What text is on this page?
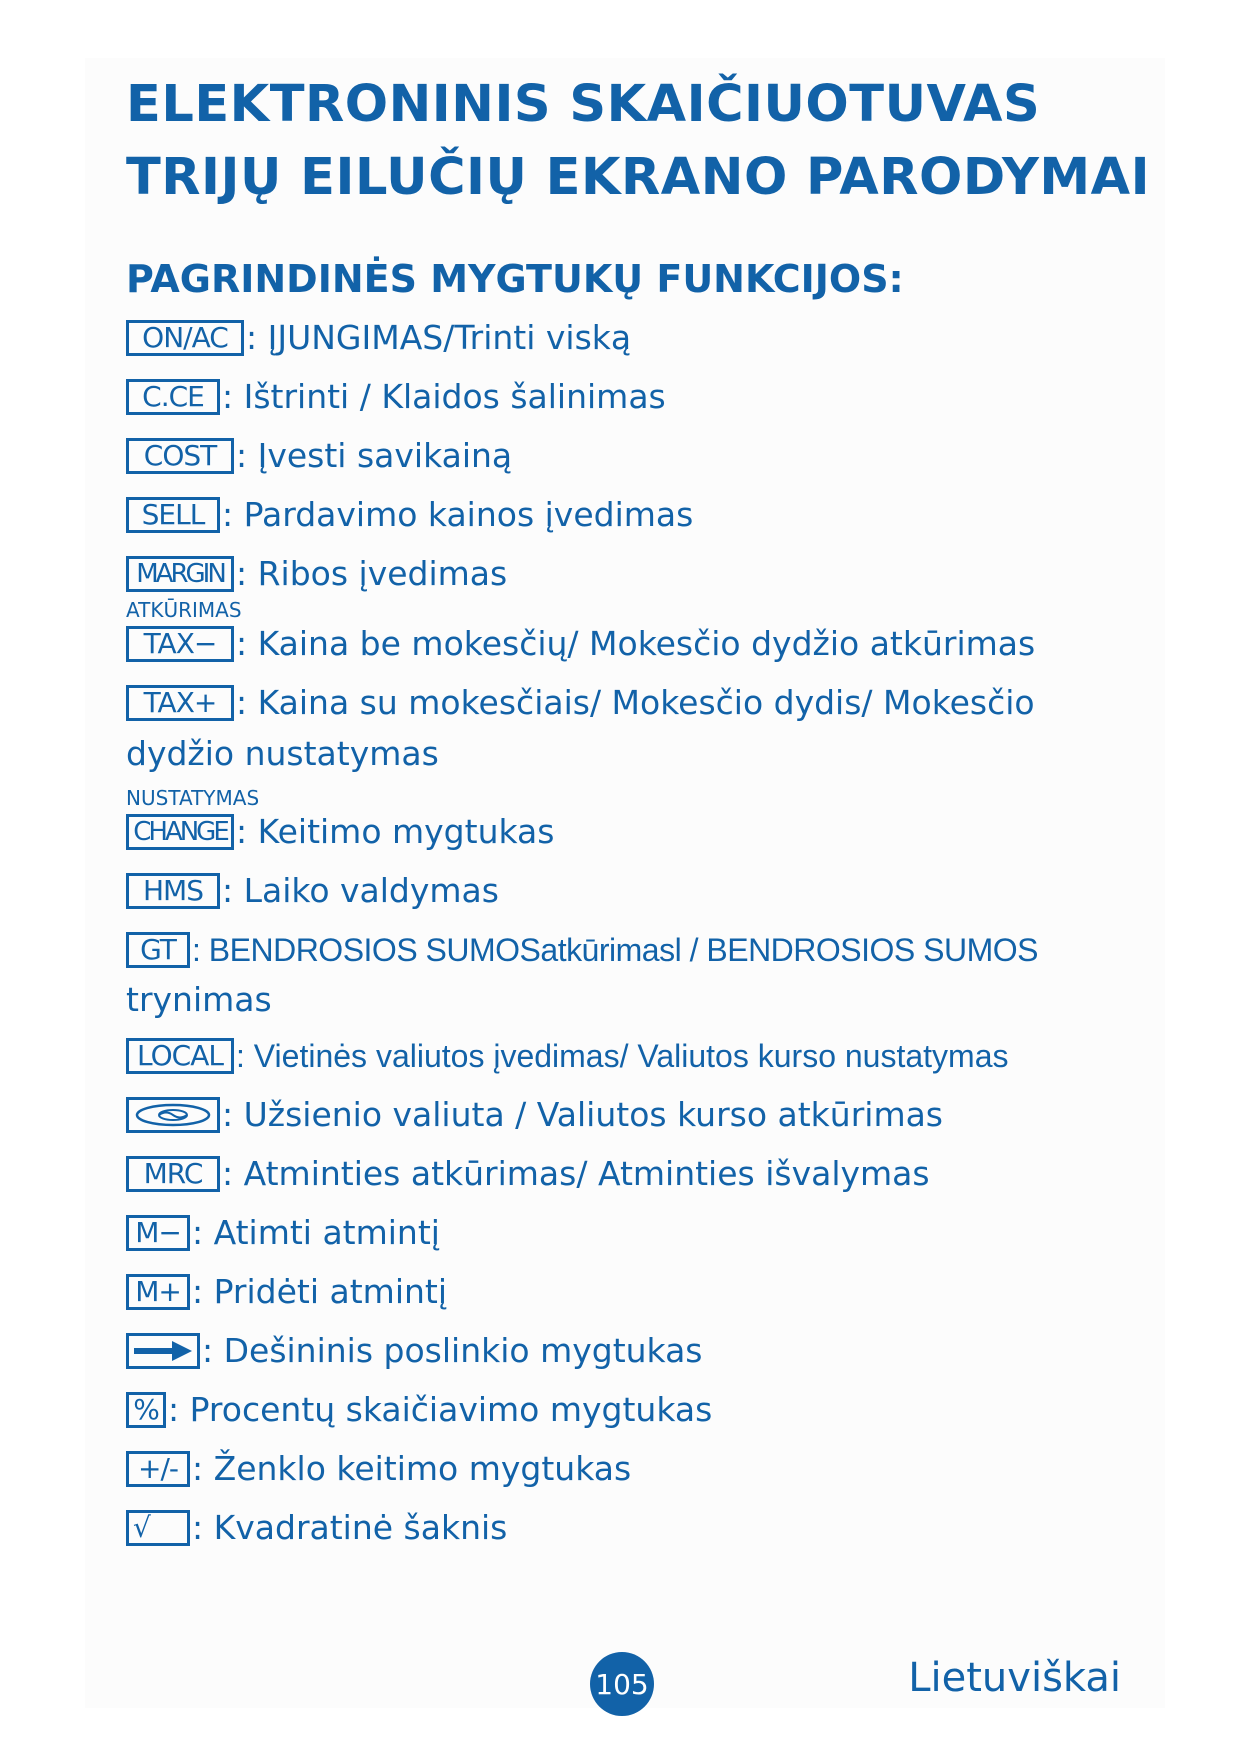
ELEKTRONINIS SKAIČIUOTUVAS
TRIJŲ EILUČIŲ EKRANO PARODYMAI
PAGRINDINĖS MYGTUKŲ FUNKCIJOS:
ON/AC : ĮJUNGIMAS/Trinti viską
C.CE : Ištrinti / Klaidos šalinimas
COST : Įvesti savikainą
SELL : Pardavimo kainos įvedimas
MARGIN : Ribos įvedimas
ATKŪRIMAS
TAX− : Kaina be mokesčių/ Mokesčio dydžio atkūrimas
TAX+ : Kaina su mokesčiais/ Mokesčio dydis/ Mokesčio
dydžio nustatymas
NUSTATYMAS
CHANGE : Keitimo mygtukas
HMS : Laiko valdymas
GT : BENDROSIOS SUMOSatkūrimasl / BENDROSIOS SUMOS
trynimas
LOCAL : Vietinės valiutos įvedimas/ Valiutos kurso nustatymas
: Užsienio valiuta / Valiutos kurso atkūrimas
MRC : Atminties atkūrimas/ Atminties išvalymas
M− : Atimti atmintį
M+ : Pridėti atmintį
: Dešininis poslinkio mygtukas
% : Procentų skaičiavimo mygtukas
+/- : Ženklo keitimo mygtukas
√	: Kvadratinė šaknis
105	Lietuviškai
